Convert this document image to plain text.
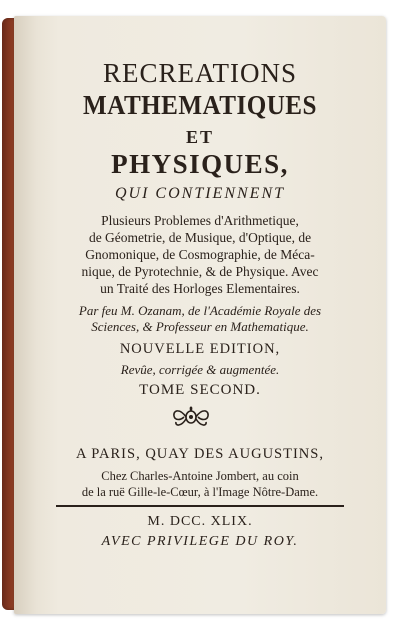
RECREATIONS
MATHEMATIQUES
ET
PHYSIQUES,
QUI CONTIENNENT
Plusieurs Problemes d'Arithmetique,
de Géometrie, de Musique, d'Optique, de
Gnomonique, de Cosmographie, de Méca-
nique, de Pyrotechnie, & de Physique. Avec
un Traité des Horloges Elementaires.
Par feu M. Ozanam, de l'Académie Royale des
Sciences, & Professeur en Mathematique.
NOUVELLE EDITION,
Revûe, corrigée & augmentée.
TOME SECOND.
A PARIS, QUAY DES AUGUSTINS,
Chez Charles-Antoine Jombert, au coin
de la ruë Gille-le-Cœur, à l'Image Nôtre-Dame.
M. DCC. XLIX.
AVEC PRIVILEGE DU ROY.
